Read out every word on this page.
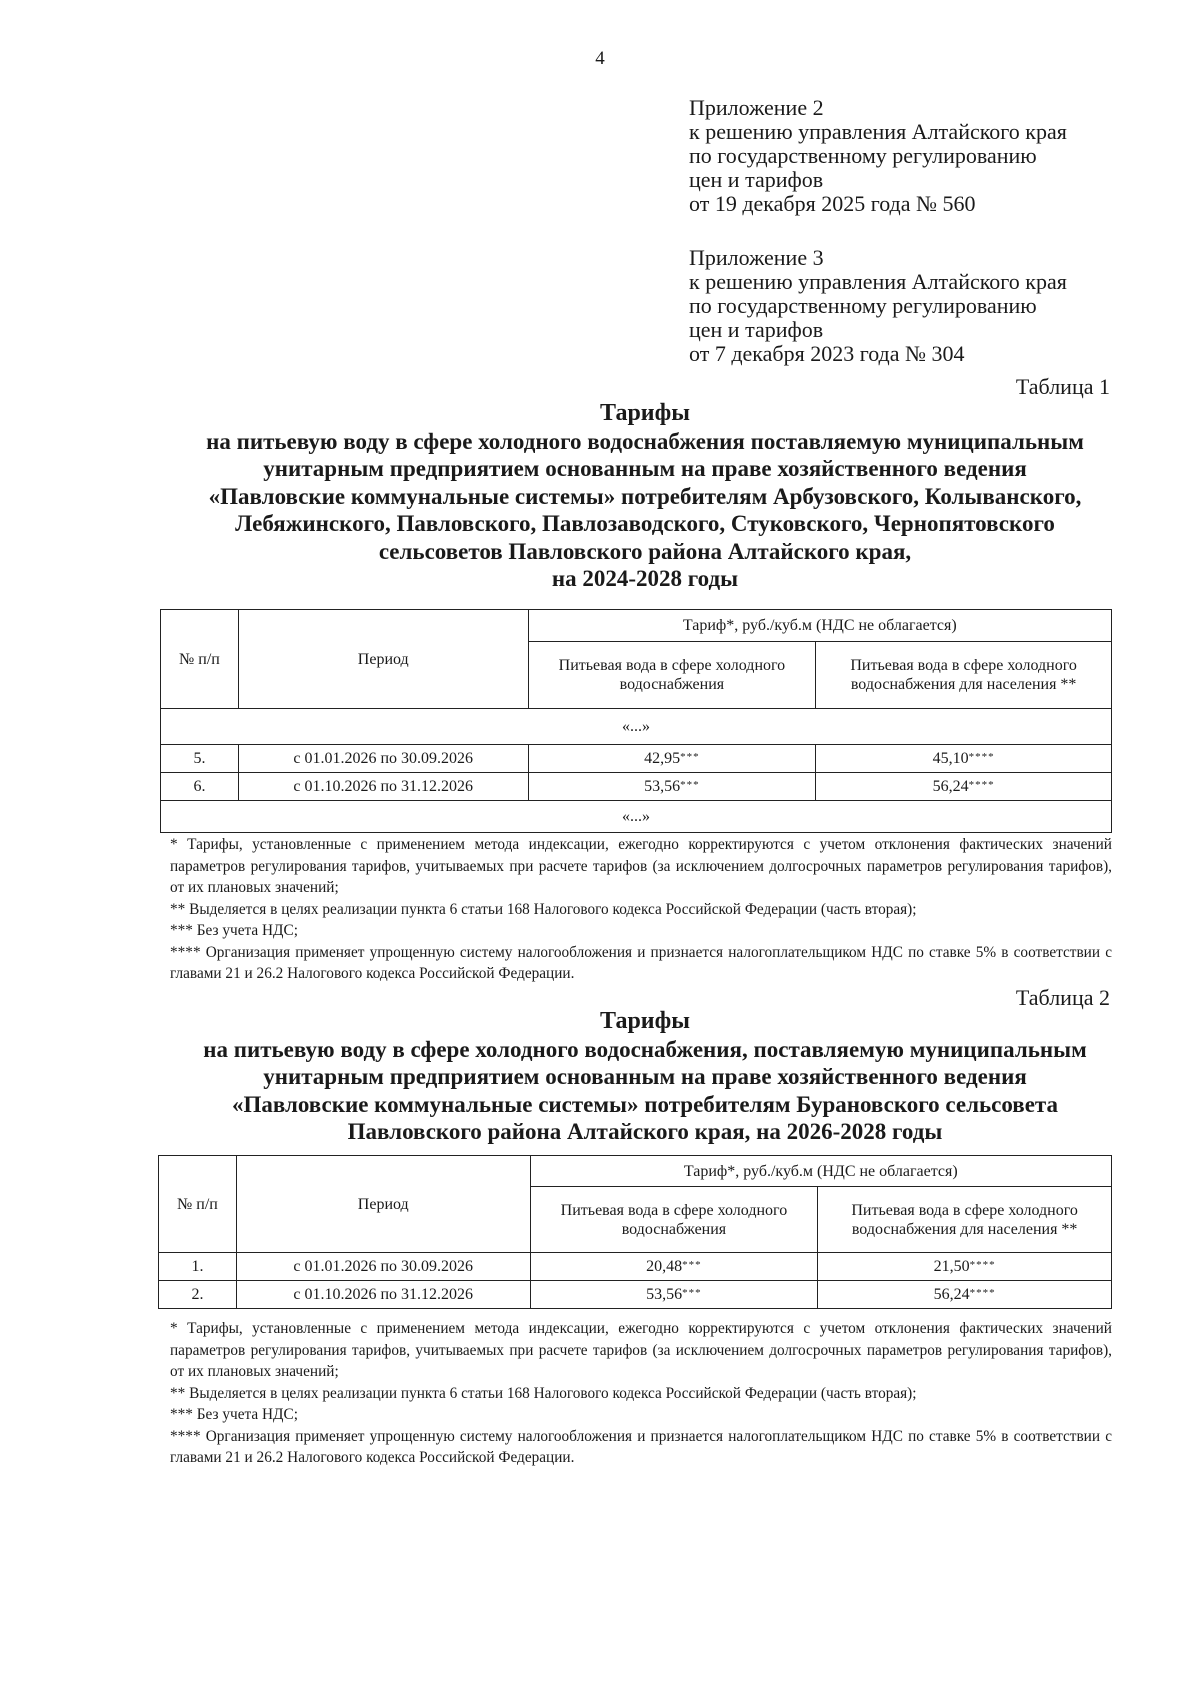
4
Приложение 2
к решению управления Алтайского края
по государственному регулированию
цен и тарифов
от 19 декабря 2025 года № 560
Приложение 3
к решению управления Алтайского края
по государственному регулированию
цен и тарифов
от 7 декабря 2023 года № 304
Таблица 1
Тарифы
на питьевую воду в сфере холодного водоснабжения поставляемую муниципальным
унитарным предприятием основанным на праве хозяйственного ведения
«Павловские коммунальные системы» потребителям Арбузовского, Колыванского,
Лебяжинского, Павловского, Павлозаводского, Стуковского, Чернопятовского
сельсоветов Павловского района Алтайского края,
на 2024-2028 годы
№ п/п	Период	Тариф*, руб./куб.м (НДС не облагается)	
		Питьевая вода в сфере холодного водоснабжения	Питьевая вода в сфере холодного водоснабжения для населения **
«...»			
5.	с 01.01.2026 по 30.09.2026	42,95***	45,10****
6.	с 01.10.2026 по 31.12.2026	53,56***	56,24****
«...»			

* Тарифы, установленные с применением метода индексации, ежегодно корректируются с учетом отклонения фактических значений параметров регулирования тарифов, учитываемых при расчете тарифов (за исключением долгосрочных параметров регулирования тарифов), от их плановых значений;

** Выделяется в целях реализации пункта 6 статьи 168 Налогового кодекса Российской Федерации (часть вторая);

*** Без учета НДС;

**** Организация применяет упрощенную систему налогообложения и признается налогоплательщиком НДС по ставке 5% в соответствии с главами 21 и 26.2 Налогового кодекса Российской Федерации.

Таблица 2
Тарифы
на питьевую воду в сфере холодного водоснабжения, поставляемую муниципальным
унитарным предприятием основанным на праве хозяйственного ведения
«Павловские коммунальные системы» потребителям Бурановского сельсовета
Павловского района Алтайского края, на 2026-2028 годы
№ п/п	Период	Тариф*, руб./куб.м (НДС не облагается)	
		Питьевая вода в сфере холодного водоснабжения	Питьевая вода в сфере холодного водоснабжения для населения **
1.	с 01.01.2026 по 30.09.2026	20,48***	21,50****
2.	с 01.10.2026 по 31.12.2026	53,56***	56,24****

* Тарифы, установленные с применением метода индексации, ежегодно корректируются с учетом отклонения фактических значений параметров регулирования тарифов, учитываемых при расчете тарифов (за исключением долгосрочных параметров регулирования тарифов), от их плановых значений;

** Выделяется в целях реализации пункта 6 статьи 168 Налогового кодекса Российской Федерации (часть вторая);

*** Без учета НДС;

**** Организация применяет упрощенную систему налогообложения и признается налогоплательщиком НДС по ставке 5% в соответствии с главами 21 и 26.2 Налогового кодекса Российской Федерации.
